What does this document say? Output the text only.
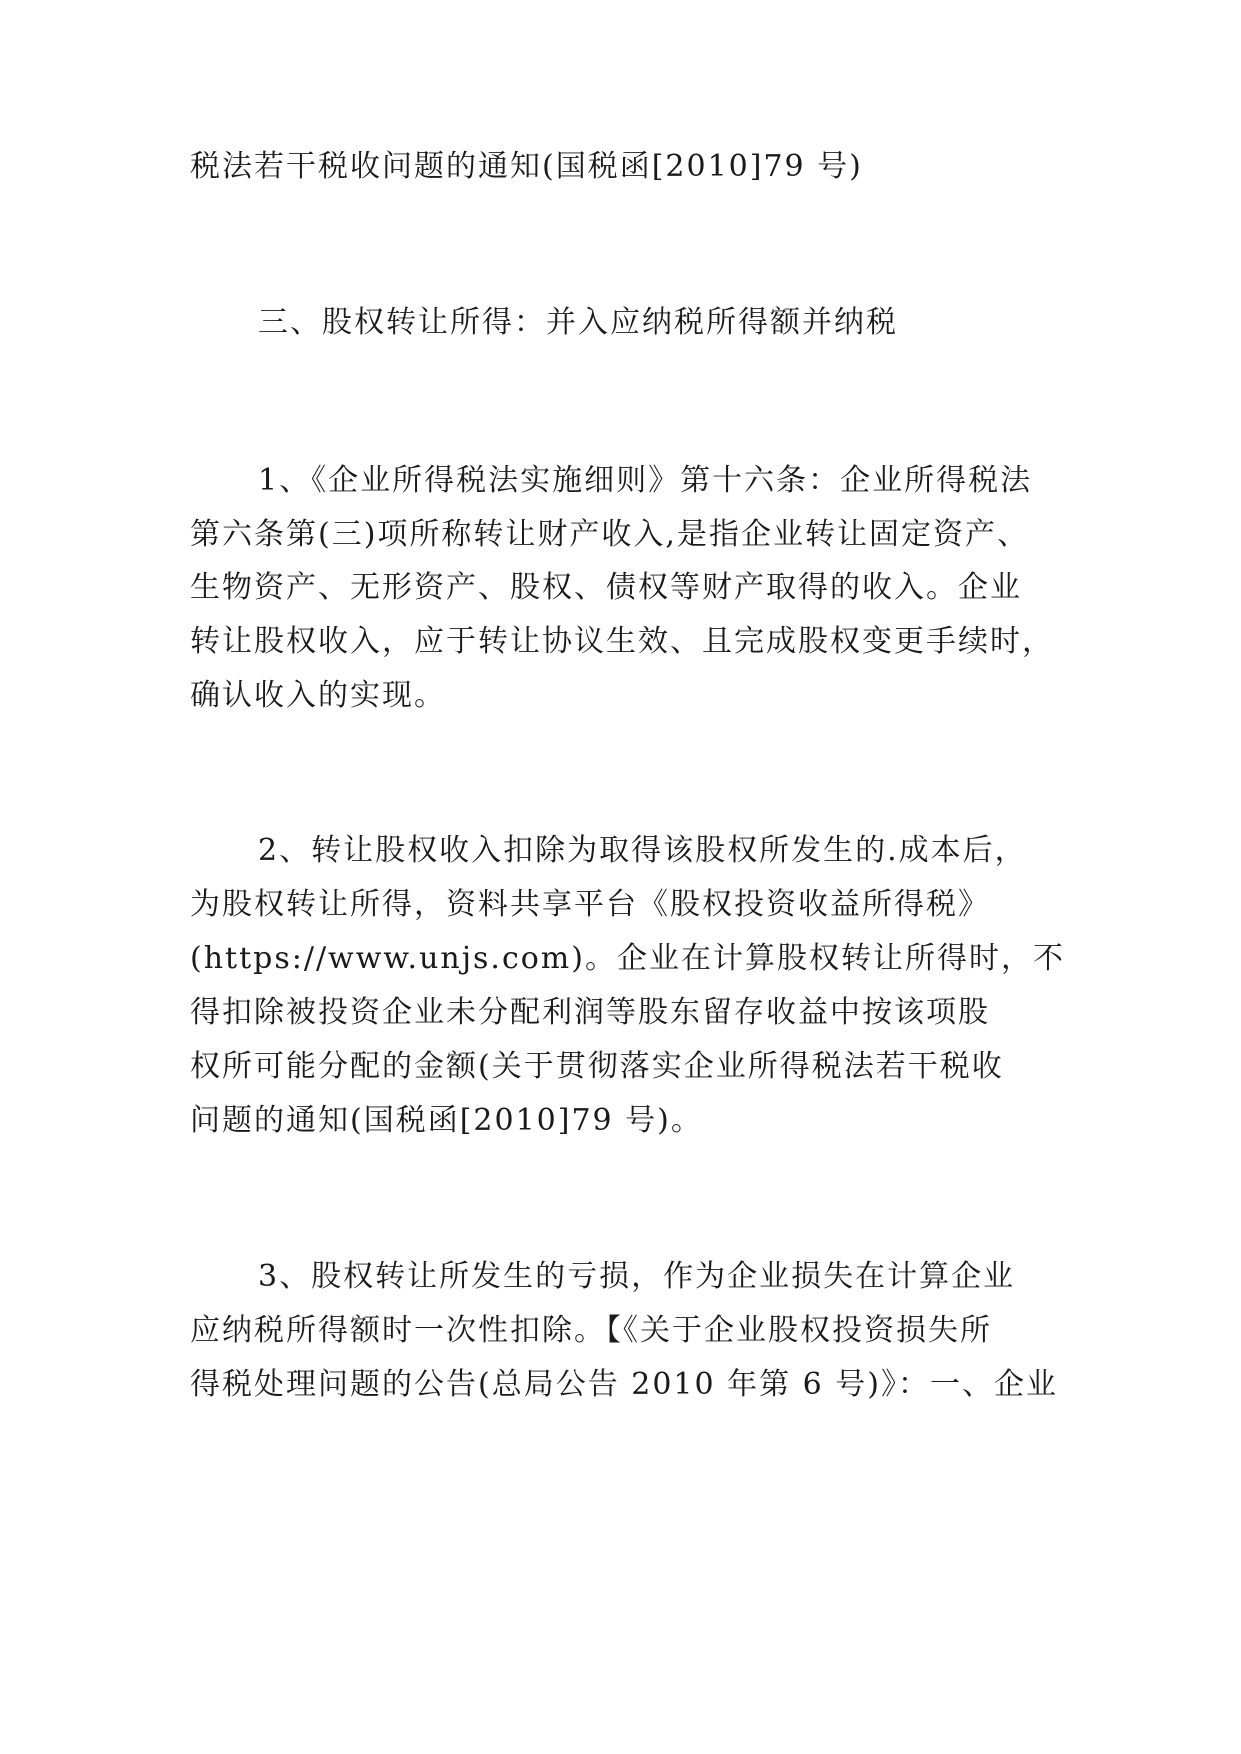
税法若干税收问题的通知(国税函[2010]79 号)
三、股权转让所得：并入应纳税所得额并纳税
1、《企业所得税法实施细则》第十六条：企业所得税法
第六条第(三)项所称转让财产收入,是指企业转让固定资产、
生物资产、无形资产、股权、债权等财产取得的收入。企业
转让股权收入，应于转让协议生效、且完成股权变更手续时，
确认收入的实现。
2、转让股权收入扣除为取得该股权所发生的.成本后，
为股权转让所得，资料共享平台《股权投资收益所得税》
(https://www.unjs.com)。企业在计算股权转让所得时，不
得扣除被投资企业未分配利润等股东留存收益中按该项股
权所可能分配的金额(关于贯彻落实企业所得税法若干税收
问题的通知(国税函[2010]79 号)。
3、股权转让所发生的亏损，作为企业损失在计算企业
应纳税所得额时一次性扣除。【《关于企业股权投资损失所
得税处理问题的公告(总局公告 2010 年第 6 号)》：一、企业
